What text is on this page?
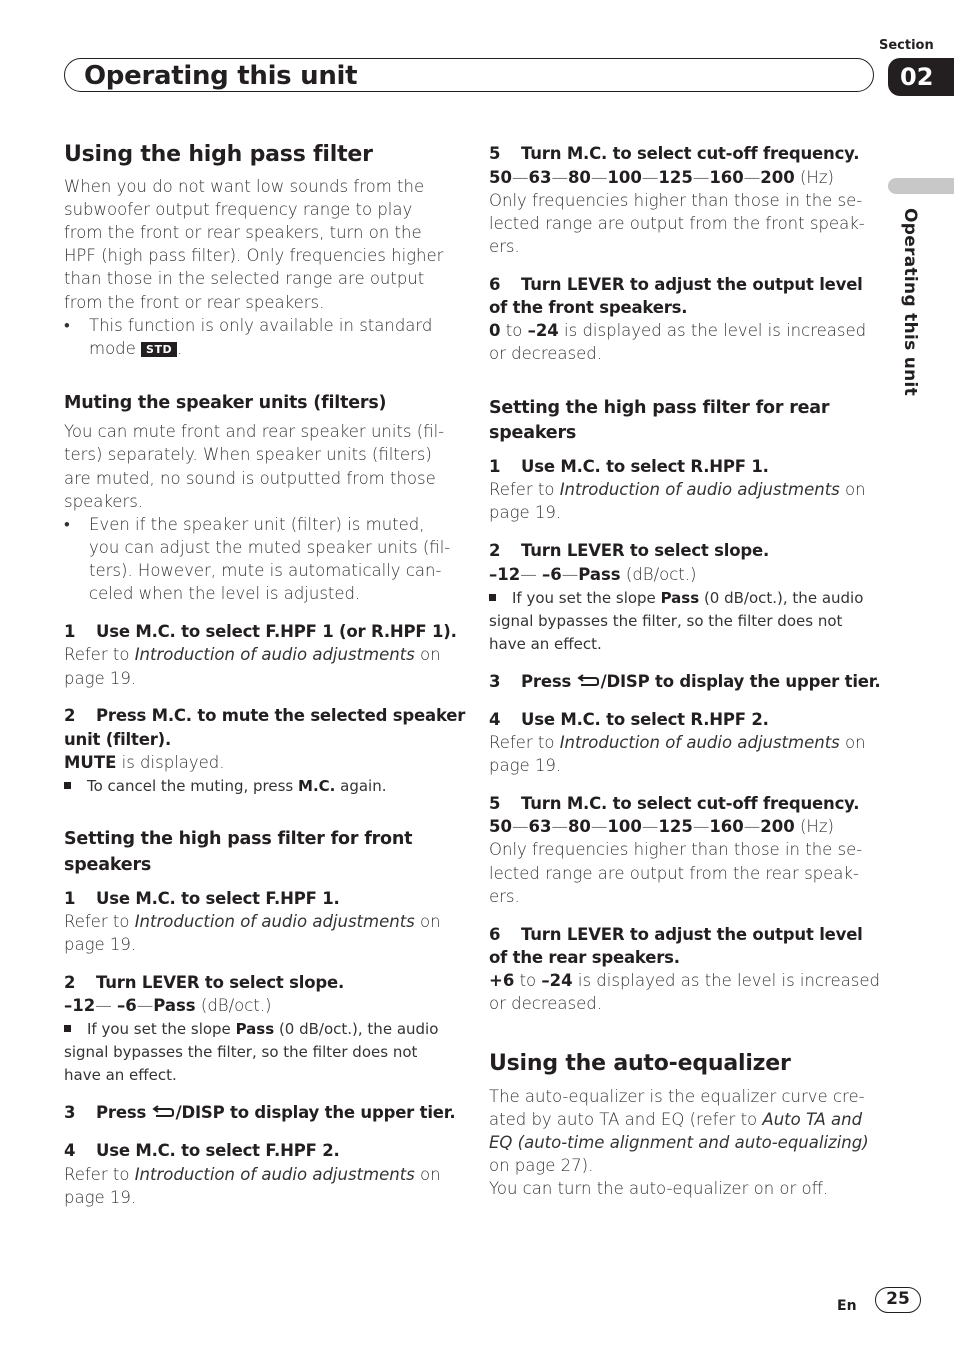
Operating this unit
Section
02
Operating this unit
Using the high pass filter
When you do not want low sounds from the
subwoofer output frequency range to play
from the front or rear speakers, turn on the
HPF (high pass filter). Only frequencies higher
than those in the selected range are output
from the front or rear speakers.
• This function is only available in standard
mode STD .
Muting the speaker units (filters)
You can mute front and rear speaker units (fil-
ters) separately. When speaker units (filters)
are muted, no sound is outputted from those
speakers.
• Even if the speaker unit (filter) is muted,
you can adjust the muted speaker units (fil-
ters). However, mute is automatically can-
celed when the level is adjusted.
1 Use M.C. to select F.HPF 1 (or R.HPF 1).
Refer to Introduction of audio adjustments on
page 19.
2 Press M.C. to mute the selected speaker
unit (filter).
MUTE is displayed.
To cancel the muting, press M.C. again.
Setting the high pass filter for front
speakers
1 Use M.C. to select F.HPF 1.
Refer to Introduction of audio adjustments on
page 19.
2 Turn LEVER to select slope.
–12— –6—Pass (dB/oct.)
If you set the slope Pass (0 dB/oct.), the audio
signal bypasses the filter, so the filter does not
have an effect.
3 Press /DISP to display the upper tier.
4 Use M.C. to select F.HPF 2.
Refer to Introduction of audio adjustments on
page 19.
5 Turn M.C. to select cut-off frequency.
50—63—80—100—125—160—200 (Hz)
Only frequencies higher than those in the se-
lected range are output from the front speak-
ers.
6 Turn LEVER to adjust the output level
of the front speakers.
0 to –24 is displayed as the level is increased
or decreased.
Setting the high pass filter for rear
speakers
1 Use M.C. to select R.HPF 1.
Refer to Introduction of audio adjustments on
page 19.
2 Turn LEVER to select slope.
–12— –6—Pass (dB/oct.)
If you set the slope Pass (0 dB/oct.), the audio
signal bypasses the filter, so the filter does not
have an effect.
3 Press /DISP to display the upper tier.
4 Use M.C. to select R.HPF 2.
Refer to Introduction of audio adjustments on
page 19.
5 Turn M.C. to select cut-off frequency.
50—63—80—100—125—160—200 (Hz)
Only frequencies higher than those in the se-
lected range are output from the rear speak-
ers.
6 Turn LEVER to adjust the output level
of the rear speakers.
+6 to –24 is displayed as the level is increased
or decreased.
Using the auto-equalizer
The auto-equalizer is the equalizer curve cre-
ated by auto TA and EQ (refer to Auto TA and
EQ (auto-time alignment and auto-equalizing)
on page 27).
You can turn the auto-equalizer on or off.
En	25
